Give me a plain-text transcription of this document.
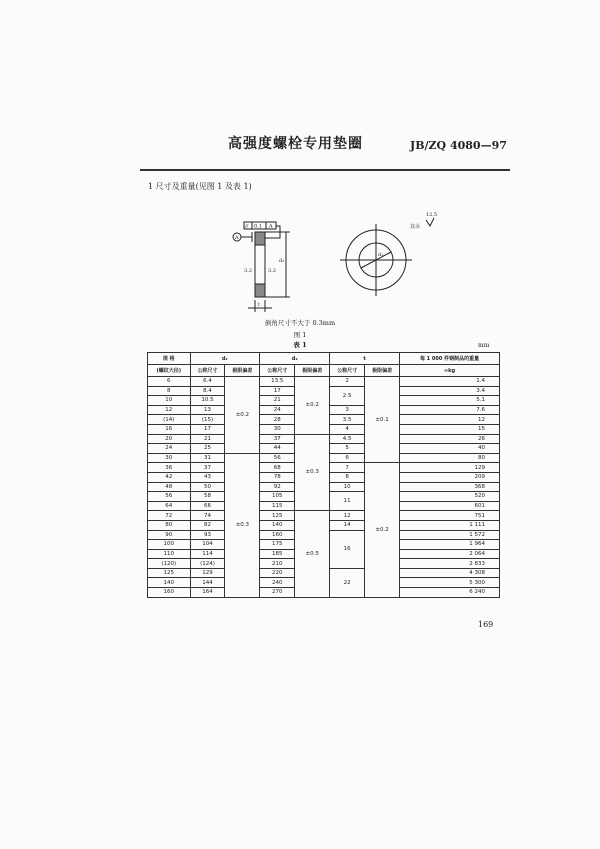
高强度螺栓专用垫圈	JB/ZQ 4080—97
1 尺寸及重量(见图 1 及表 1)
// 0.1 A
A
3.2	3.2
d₂
t
d₁
其余
12.5
倒角尺寸不大于 0.3mm
图 1
表 1	mm
规 格	d₁		d₂		t		每 1 000 件钢制品的重量
(螺纹大径)	公称尺寸	极限偏差	公称尺寸	极限偏差	公称尺寸	极限偏差	≈kg
6	6.4	±0.2	13.5	±0.2	2	±0.1	1.4
8	8.4		17		2.5		3.4
10	10.5		21				5.1
12	13		24		3		7.6
(14)	(15)		28		3.5		12
16	17		30		4		15
20	21		37	±0.3	4.5		26
24	25		44		5		40
30	31	±0.3	56		6		80
36	37		68		7	±0.2	129
42	43		78		8		209
48	50		92		10		368
56	58		105		11		520
64	66		115				601
72	74		125	±0.5	12		751
80	82		140		14		1 111
90	93		160		16		1 572
100	104		175				1 964
110	114		185				2 064
(120)	(124)		210				2 833
125	129		220		22		4 308
140	144		240				5 300
160	164		270				6 240
169
